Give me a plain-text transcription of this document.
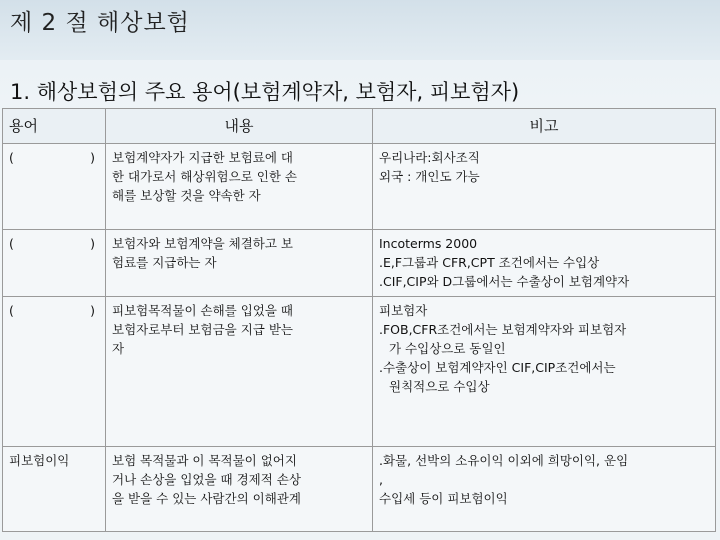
제 2 절 해상보험
1. 해상보험의 주요 용어(보험계약자, 보험자, 피보험자)
용어	내용	비고

( )	보험계약자가 지급한 보험료에 대
한 대가로서 해상위험으로 인한 손
해를 보상할 것을 약속한 자	우리나라:회사조직
외국 : 개인도 가능

( )	보험자와 보험계약을 체결하고 보
험료를 지급하는 자	Incoterms 2000
.E,F그룹과 CFR,CPT 조건에서는 수입상
.CIF,CIP와 D그룹에서는 수출상이 보험계약자

( )	피보험목적물이 손해를 입었을 때
보험자로부터 보험금을 지급 받는
자	피보험자
.FOB,CFR조건에서는 보험계약자와 피보험자
가 수입상으로 동일인
.수출상이 보험계약자인 CIF,CIP조건에서는
원칙적으로 수입상

피보험이익	보험 목적물과 이 목적물이 없어지
거나 손상을 입었을 때 경제적 손상
을 받을 수 있는 사람간의 이해관계	.화물, 선박의 소유이익 이외에 희망이익, 운임
,
수입세 등이 피보험이익
